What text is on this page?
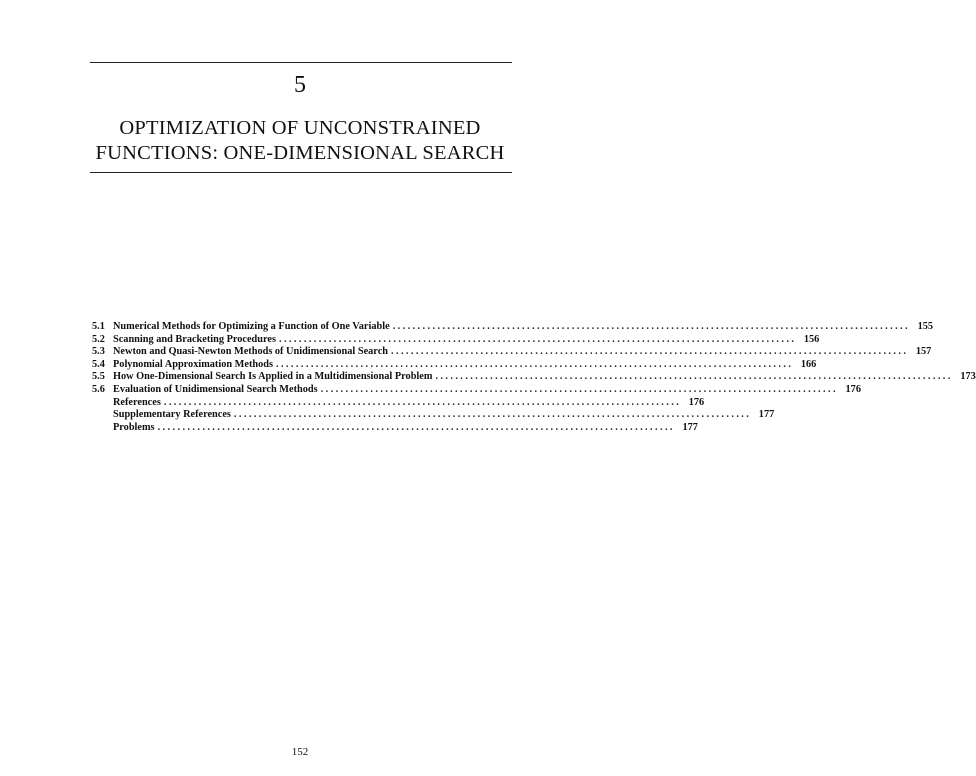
5
OPTIMIZATION OF UNCONSTRAINED
FUNCTIONS: ONE-DIMENSIONAL SEARCH
5.1 Numerical Methods for Optimizing a Function of One Variable ........................................................................................................ 155
5.2 Scanning and Bracketing Procedures ........................................................................................................ 156
5.3 Newton and Quasi-Newton Methods of Unidimensional Search ........................................................................................................ 157
5.4 Polynomial Approximation Methods ........................................................................................................ 166
5.5 How One-Dimensional Search Is Applied in a Multidimensional Problem ........................................................................................................ 173
5.6 Evaluation of Unidimensional Search Methods ........................................................................................................ 176
References ........................................................................................................ 176
Supplementary References ........................................................................................................ 177
Problems ........................................................................................................ 177
152
